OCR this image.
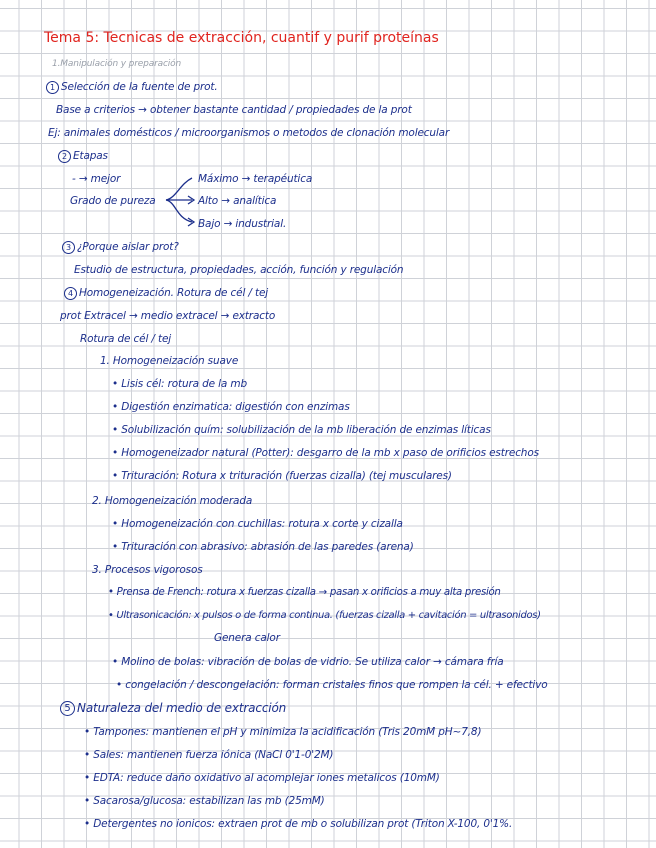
Tema 5: Tecnicas de extracción, cuantif y purif proteínas
1.Manipulación y preparación
1 Selección de la fuente de prot.
Base a criterios → obtener bastante cantidad / propiedades de la prot
Ej: animales domésticos / microorganismos o metodos de clonación molecular
2 Etapas
- → mejor
Grado de pureza
Máximo → terapéutica
Alto → analítica
Bajo → industrial.
3 ¿Porque aislar prot?
Estudio de estructura, propiedades, acción, función y regulación
4 Homogeneización. Rotura de cél / tej
prot Extracel → medio extracel → extracto
Rotura de cél / tej
1. Homogeneización suave
• Lisis cél: rotura de la mb
• Digestión enzimatica: digestión con enzimas
• Solubilización quím: solubilización de la mb liberación de enzimas líticas
• Homogeneizador natural (Potter): desgarro de la mb x paso de orificios estrechos
• Trituración: Rotura x trituración (fuerzas cizalla) (tej musculares)
2. Homogeneización moderada
• Homogeneización con cuchillas: rotura x corte y cizalla
• Trituración con abrasivo: abrasión de las paredes (arena)
3. Procesos vigorosos
• Prensa de French: rotura x fuerzas cizalla → pasan x orificios a muy alta presión
• Ultrasonicación: x pulsos o de forma continua. (fuerzas cizalla + cavitación = ultrasonidos)
Genera calor
• Molino de bolas: vibración de bolas de vidrio. Se utiliza calor → cámara fría
• congelación / descongelación: forman cristales finos que rompen la cél. + efectivo
5 Naturaleza del medio de extracción
• Tampones: mantienen el pH y minimiza la acidificación (Tris 20mM pH~7,8)
• Sales: mantienen fuerza iónica (NaCl 0'1-0'2M)
• EDTA: reduce daño oxidativo al acomplejar iones metalicos (10mM)
• Sacarosa/glucosa: estabilizan las mb (25mM)
• Detergentes no ionicos: extraen prot de mb o solubilizan prot (Triton X-100, 0'1%.
